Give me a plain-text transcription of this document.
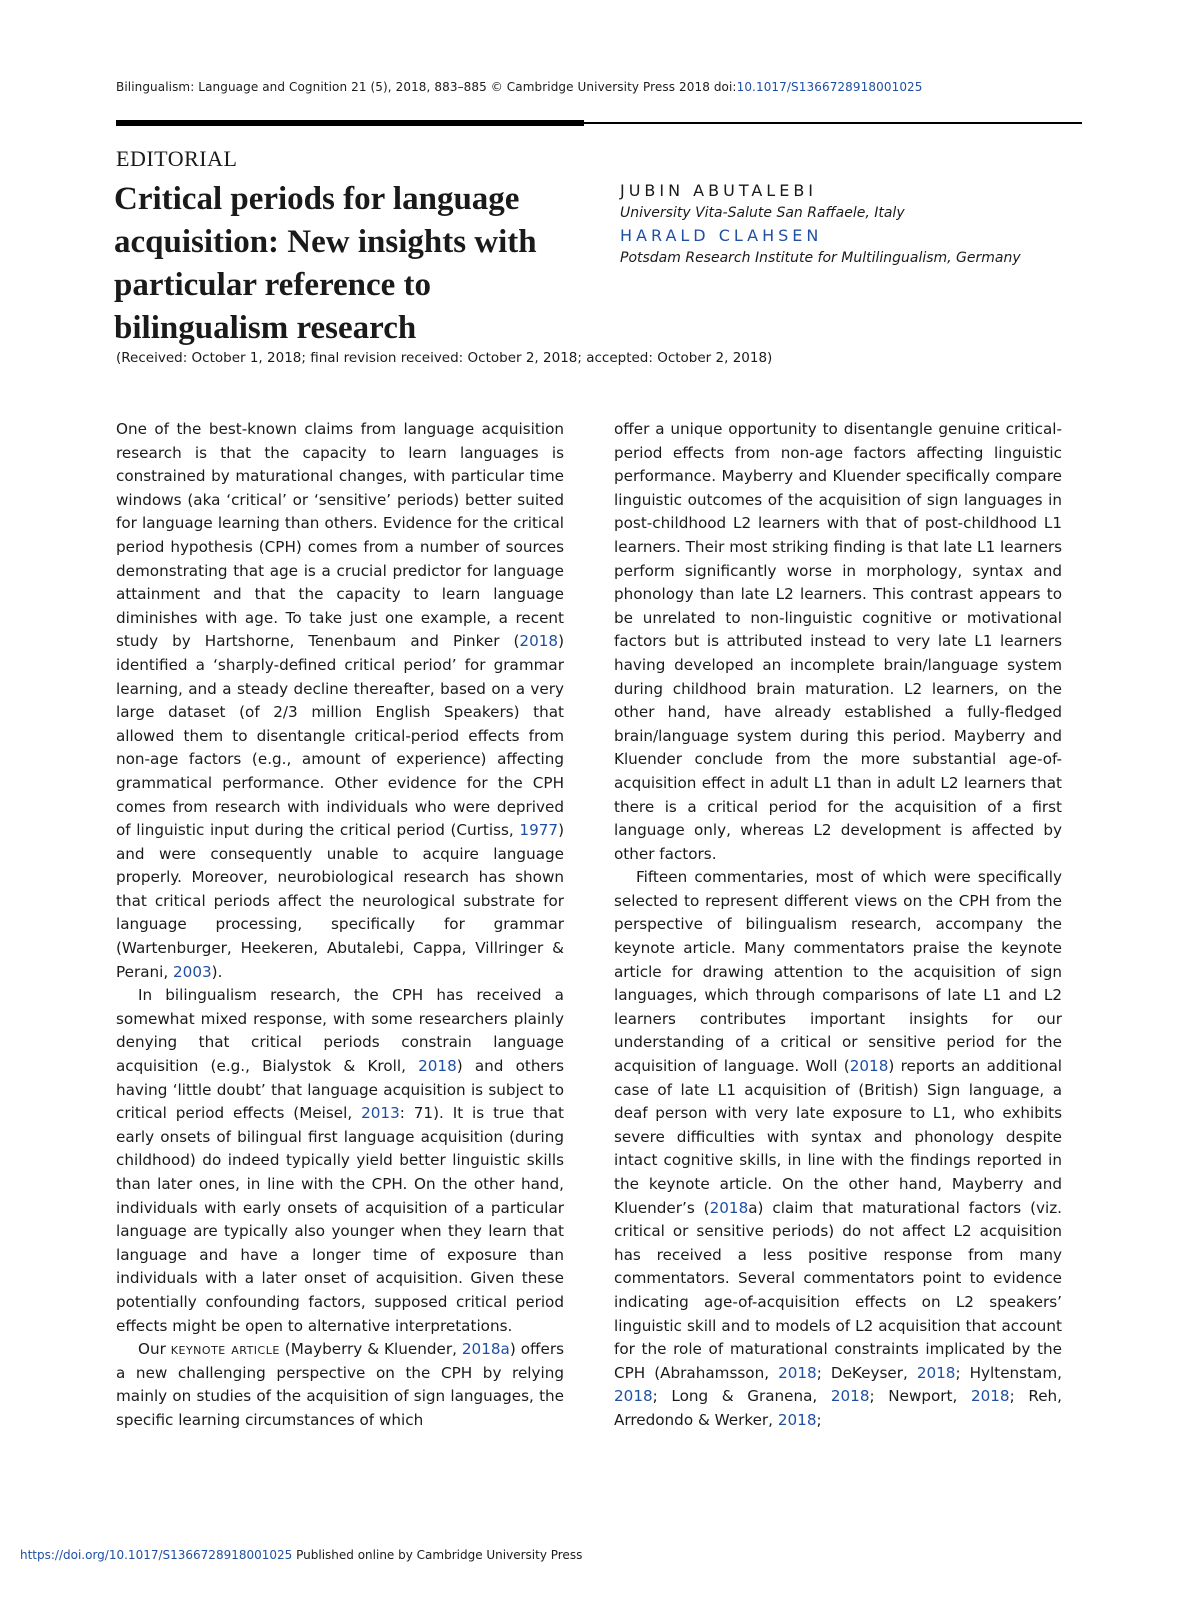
Bilingualism: Language and Cognition 21 (5), 2018, 883–885 © Cambridge University Press 2018 doi:10.1017/S1366728918001025
EDITORIAL
Critical periods for language acquisition: New insights with particular reference to bilingualism research
JUBIN ABUTALEBI
University Vita-Salute San Raffaele, Italy
HARALD CLAHSEN
Potsdam Research Institute for Multilingualism, Germany
(Received: October 1, 2018; final revision received: October 2, 2018; accepted: October 2, 2018)

One of the best-known claims from language acquisition research is that the capacity to learn languages is constrained by maturational changes, with particular time windows (aka ‘critical’ or ‘sensitive’ periods) better suited for language learning than others. Evidence for the critical period hypothesis (CPH) comes from a number of sources demonstrating that age is a crucial predictor for language attainment and that the capacity to learn language diminishes with age. To take just one example, a recent study by Hartshorne, Tenenbaum and Pinker (2018) identified a ‘sharply-defined critical period’ for grammar learning, and a steady decline thereafter, based on a very large dataset (of 2/3 million English Speakers) that allowed them to disentangle critical-period effects from non-age factors (e.g., amount of experience) affecting grammatical performance. Other evidence for the CPH comes from research with individuals who were deprived of linguistic input during the critical period (Curtiss, 1977) and were consequently unable to acquire language properly. Moreover, neurobiological research has shown that critical periods affect the neurological substrate for language processing, specifically for grammar (Wartenburger, Heekeren, Abutalebi, Cappa, Villringer & Perani, 2003).

In bilingualism research, the CPH has received a somewhat mixed response, with some researchers plainly denying that critical periods constrain language acquisition (e.g., Bialystok & Kroll, 2018) and others having ‘little doubt’ that language acquisition is subject to critical period effects (Meisel, 2013: 71). It is true that early onsets of bilingual first language acquisition (during childhood) do indeed typically yield better linguistic skills than later ones, in line with the CPH. On the other hand, individuals with early onsets of acquisition of a particular language are typically also younger when they learn that language and have a longer time of exposure than individuals with a later onset of acquisition. Given these potentially confounding factors, supposed critical period effects might be open to alternative interpretations.

Our keynote article (Mayberry & Kluender, 2018a) offers a new challenging perspective on the CPH by relying mainly on studies of the acquisition of sign languages, the specific learning circumstances of which

offer a unique opportunity to disentangle genuine critical-period effects from non-age factors affecting linguistic performance. Mayberry and Kluender specifically compare linguistic outcomes of the acquisition of sign languages in post-childhood L2 learners with that of post-childhood L1 learners. Their most striking finding is that late L1 learners perform significantly worse in morphology, syntax and phonology than late L2 learners. This contrast appears to be unrelated to non-linguistic cognitive or motivational factors but is attributed instead to very late L1 learners having developed an incomplete brain/language system during childhood brain maturation. L2 learners, on the other hand, have already established a fully-fledged brain/language system during this period. Mayberry and Kluender conclude from the more substantial age-of-acquisition effect in adult L1 than in adult L2 learners that there is a critical period for the acquisition of a first language only, whereas L2 development is affected by other factors.

Fifteen commentaries, most of which were specifically selected to represent different views on the CPH from the perspective of bilingualism research, accompany the keynote article. Many commentators praise the keynote article for drawing attention to the acquisition of sign languages, which through comparisons of late L1 and L2 learners contributes important insights for our understanding of a critical or sensitive period for the acquisition of language. Woll (2018) reports an additional case of late L1 acquisition of (British) Sign language, a deaf person with very late exposure to L1, who exhibits severe difficulties with syntax and phonology despite intact cognitive skills, in line with the findings reported in the keynote article. On the other hand, Mayberry and Kluender’s (2018a) claim that maturational factors (viz. critical or sensitive periods) do not affect L2 acquisition has received a less positive response from many commentators. Several commentators point to evidence indicating age-of-acquisition effects on L2 speakers’ linguistic skill and to models of L2 acquisition that account for the role of maturational constraints implicated by the CPH (Abrahamsson, 2018; DeKeyser, 2018; Hyltenstam, 2018; Long & Granena, 2018; Newport, 2018; Reh, Arredondo & Werker, 2018;

https://doi.org/10.1017/S1366728918001025 Published online by Cambridge University Press
